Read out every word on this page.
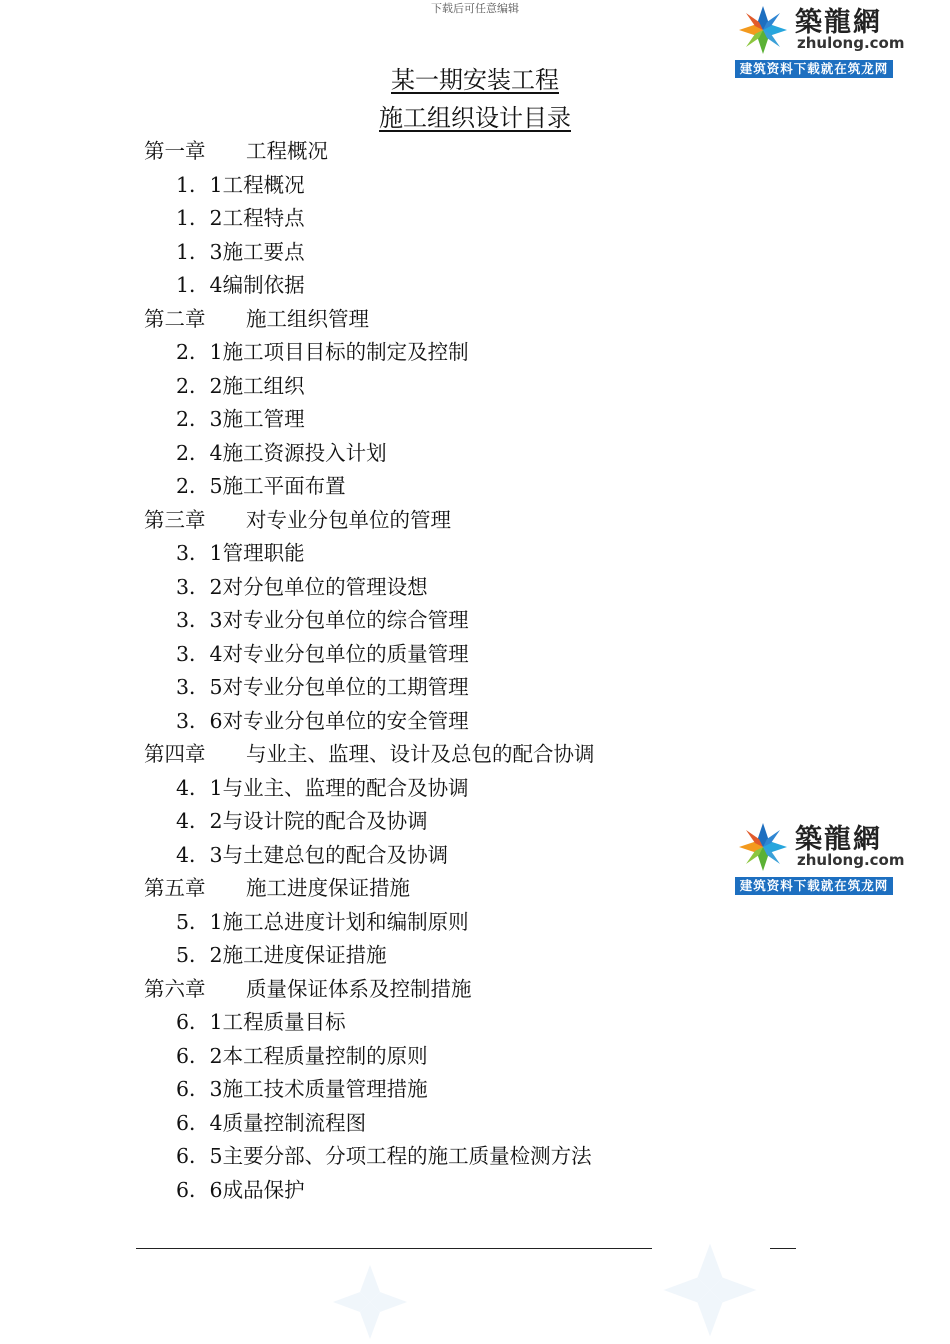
下载后可任意编辑	築龍網
zhulong.com
建筑资料下载就在筑龙网
築龍網
zhulong.com
建筑资料下载就在筑龙网
某一期安装工程
施工组织设计目录
第一章 工程概况
1．1工程概况
1．2工程特点
1．3施工要点
1．4编制依据
第二章 施工组织管理
2．1施工项目目标的制定及控制
2．2施工组织
2．3施工管理
2．4施工资源投入计划
2．5施工平面布置
第三章 对专业分包单位的管理
3．1管理职能
3．2对分包单位的管理设想
3．3对专业分包单位的综合管理
3．4对专业分包单位的质量管理
3．5对专业分包单位的工期管理
3．6对专业分包单位的安全管理
第四章 与业主、监理、设计及总包的配合协调
4．1与业主、监理的配合及协调
4．2与设计院的配合及协调
4．3与土建总包的配合及协调
第五章 施工进度保证措施
5．1施工总进度计划和编制原则
5．2施工进度保证措施
第六章 质量保证体系及控制措施
6．1工程质量目标
6．2本工程质量控制的原则
6．3施工技术质量管理措施
6．4质量控制流程图
6．5主要分部、分项工程的施工质量检测方法
6．6成品保护
